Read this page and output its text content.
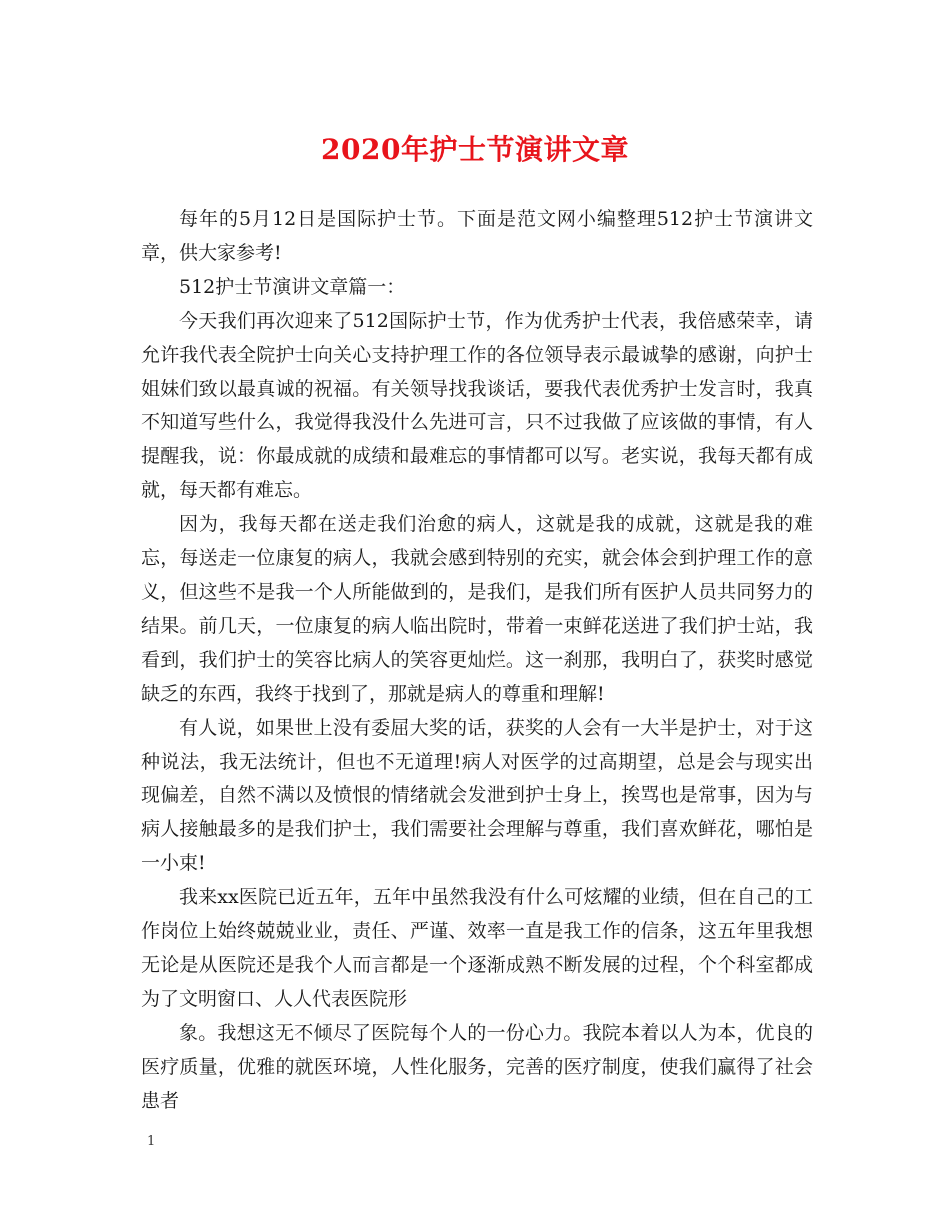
2020年护士节演讲文章

每年的5月12日是国际护士节。下面是范文网小编整理512护士节演讲文章，供大家参考!

512护士节演讲文章篇一：

今天我们再次迎来了512国际护士节，作为优秀护士代表，我倍感荣幸，请允许我代表全院护士向关心支持护理工作的各位领导表示最诚挚的感谢，向护士姐妹们致以最真诚的祝福。有关领导找我谈话，要我代表优秀护士发言时，我真不知道写些什么，我觉得我没什么先进可言，只不过我做了应该做的事情，有人提醒我，说：你最成就的成绩和最难忘的事情都可以写。老实说，我每天都有成就，每天都有难忘。

因为，我每天都在送走我们治愈的病人，这就是我的成就，这就是我的难忘，每送走一位康复的病人，我就会感到特别的充实，就会体会到护理工作的意义，但这些不是我一个人所能做到的，是我们，是我们所有医护人员共同努力的结果。前几天，一位康复的病人临出院时，带着一束鲜花送进了我们护士站，我看到，我们护士的笑容比病人的笑容更灿烂。这一刹那，我明白了，获奖时感觉缺乏的东西，我终于找到了，那就是病人的尊重和理解!

有人说，如果世上没有委屈大奖的话，获奖的人会有一大半是护士，对于这种说法，我无法统计，但也不无道理!病人对医学的过高期望，总是会与现实出现偏差，自然不满以及愤恨的情绪就会发泄到护士身上，挨骂也是常事，因为与病人接触最多的是我们护士，我们需要社会理解与尊重，我们喜欢鲜花，哪怕是一小束!

我来xx医院已近五年，五年中虽然我没有什么可炫耀的业绩，但在自己的工作岗位上始终兢兢业业，责任、严谨、效率一直是我工作的信条，这五年里我想无论是从医院还是我个人而言都是一个逐渐成熟不断发展的过程，个个科室都成为了文明窗口、人人代表医院形

象。我想这无不倾尽了医院每个人的一份心力。我院本着以人为本，优良的医疗质量，优雅的就医环境，人性化服务，完善的医疗制度，使我们赢得了社会患者

1
